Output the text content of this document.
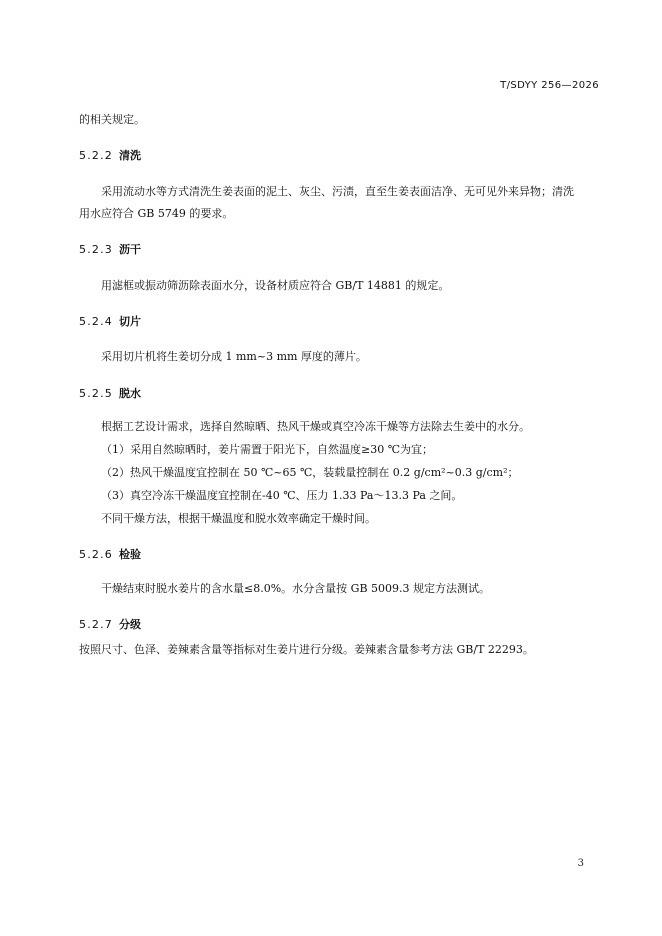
T/SDYY 256—2026
的相关规定。
5.2.2 清洗
采用流动水等方式清洗生姜表面的泥土、灰尘、污渍，直至生姜表面洁净、无可见外来异物；清洗
用水应符合 GB 5749 的要求。
5.2.3 沥干
用滤框或振动筛沥除表面水分，设备材质应符合 GB/T 14881 的规定。
5.2.4 切片
采用切片机将生姜切分成 1 mm~3 mm 厚度的薄片。
5.2.5 脱水
根据工艺设计需求，选择自然晾晒、热风干燥或真空冷冻干燥等方法除去生姜中的水分。
（1）采用自然晾晒时，姜片需置于阳光下，自然温度≥30 ℃为宜；
（2）热风干燥温度宜控制在 50 ℃~65 ℃，装载量控制在 0.2 g/cm²~0.3 g/cm²；
（3）真空冷冻干燥温度宜控制在-40 ℃、压力 1.33 Pa～13.3 Pa 之间。
不同干燥方法，根据干燥温度和脱水效率确定干燥时间。
5.2.6 检验
干燥结束时脱水姜片的含水量≤8.0%。水分含量按 GB 5009.3 规定方法测试。
5.2.7 分级
按照尺寸、色泽、姜辣素含量等指标对生姜片进行分级。姜辣素含量参考方法 GB/T 22293。
3
